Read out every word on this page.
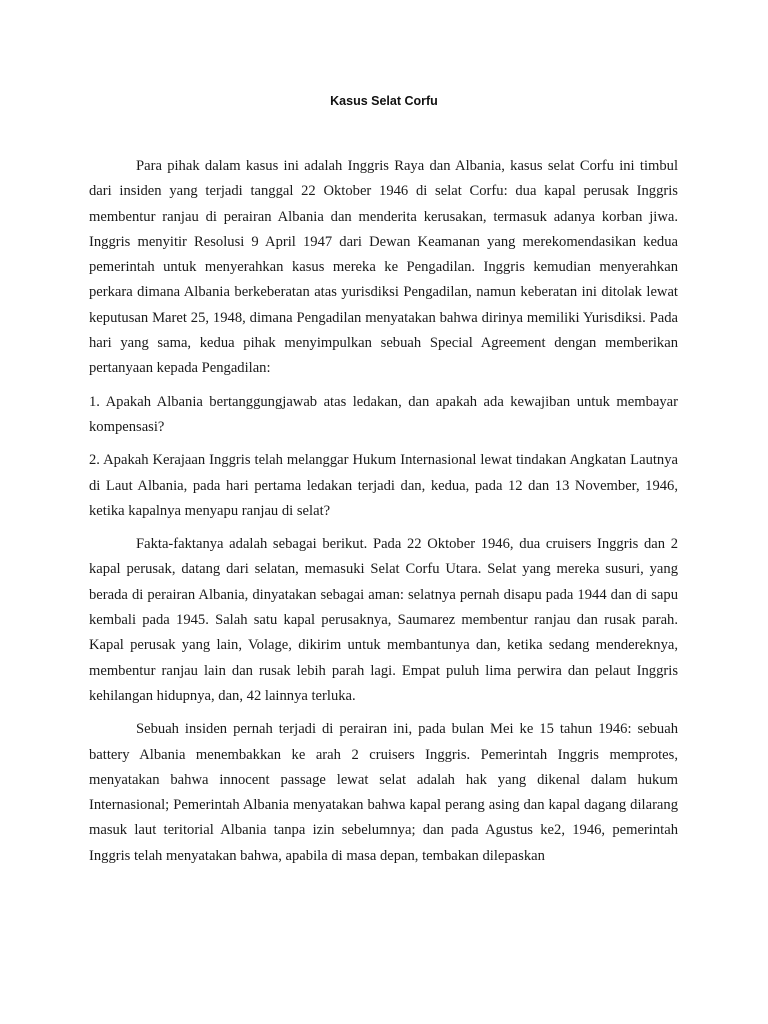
Kasus Selat Corfu

Para pihak dalam kasus ini adalah Inggris Raya dan Albania, kasus selat Corfu ini timbul dari insiden yang terjadi tanggal 22 Oktober 1946 di selat Corfu: dua kapal perusak Inggris membentur ranjau di perairan Albania dan menderita kerusakan, termasuk adanya korban jiwa. Inggris menyitir Resolusi 9 April 1947 dari Dewan Keamanan yang merekomendasikan kedua pemerintah untuk menyerahkan kasus mereka ke Pengadilan. Inggris kemudian menyerahkan perkara dimana Albania berkeberatan atas yurisdiksi Pengadilan, namun keberatan ini ditolak lewat keputusan Maret 25, 1948, dimana Pengadilan menyatakan bahwa dirinya memiliki Yurisdiksi. Pada hari yang sama, kedua pihak menyimpulkan sebuah Special Agreement dengan memberikan pertanyaan kepada Pengadilan:

1. Apakah Albania bertanggungjawab atas ledakan, dan apakah ada kewajiban untuk membayar kompensasi?

2. Apakah Kerajaan Inggris telah melanggar Hukum Internasional lewat tindakan Angkatan Lautnya di Laut Albania, pada hari pertama ledakan terjadi dan, kedua, pada 12 dan 13 November, 1946, ketika kapalnya menyapu ranjau di selat?

Fakta-faktanya adalah sebagai berikut. Pada 22 Oktober 1946, dua cruisers Inggris dan 2 kapal perusak, datang dari selatan, memasuki Selat Corfu Utara. Selat yang mereka susuri, yang berada di perairan Albania, dinyatakan sebagai aman: selatnya pernah disapu pada 1944 dan di sapu kembali pada 1945. Salah satu kapal perusaknya, Saumarez membentur ranjau dan rusak parah. Kapal perusak yang lain, Volage, dikirim untuk membantunya dan, ketika sedang mendereknya, membentur ranjau lain dan rusak lebih parah lagi. Empat puluh lima perwira dan pelaut Inggris kehilangan hidupnya, dan, 42 lainnya terluka.

Sebuah insiden pernah terjadi di perairan ini, pada bulan Mei ke 15 tahun 1946: sebuah battery Albania menembakkan ke arah 2 cruisers Inggris. Pemerintah Inggris memprotes, menyatakan bahwa innocent passage lewat selat adalah hak yang dikenal dalam hukum Internasional; Pemerintah Albania menyatakan bahwa kapal perang asing dan kapal dagang dilarang masuk laut teritorial Albania tanpa izin sebelumnya; dan pada Agustus ke2, 1946, pemerintah Inggris telah menyatakan bahwa, apabila di masa depan, tembakan dilepaskan
